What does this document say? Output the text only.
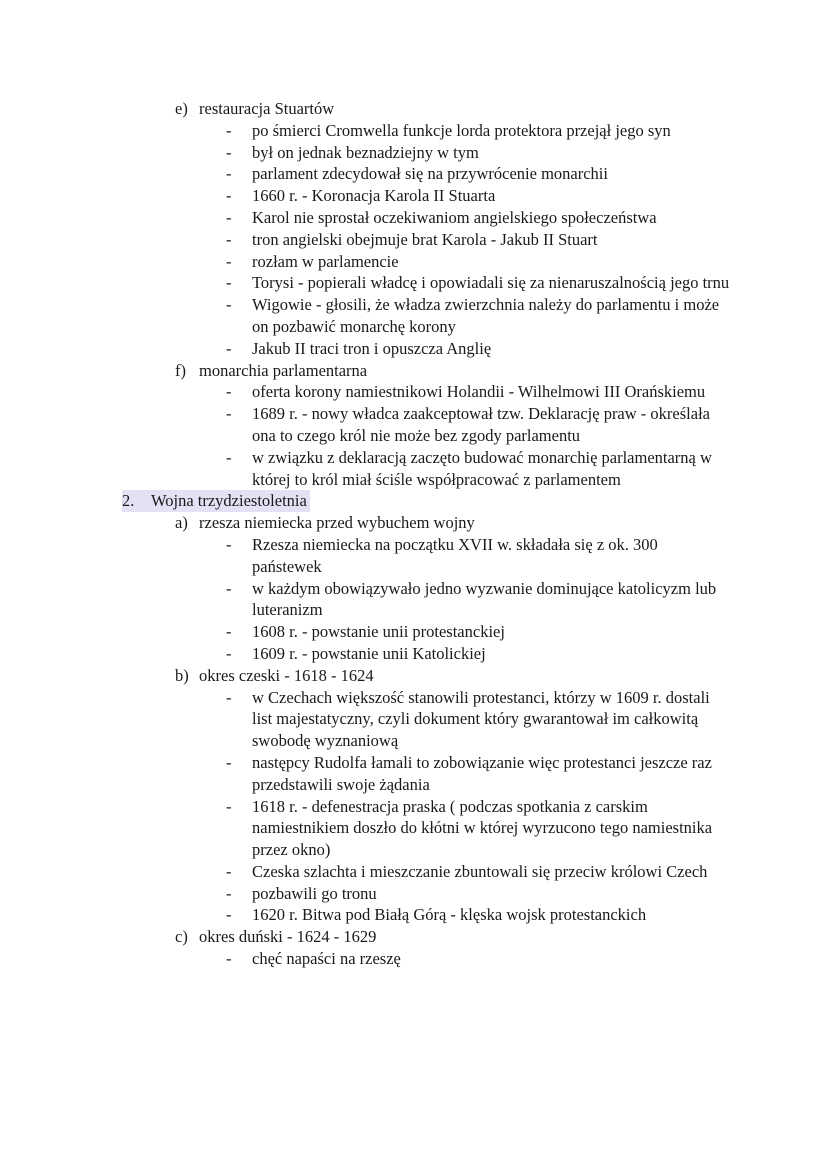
e) restauracja Stuartów
- po śmierci Cromwella funkcje lorda protektora przejął jego syn
- był on jednak beznadziejny w tym
- parlament zdecydował się na przywrócenie monarchii
- 1660 r. - Koronacja Karola II Stuarta
- Karol nie sprostał oczekiwaniom angielskiego społeczeństwa
- tron angielski obejmuje brat Karola - Jakub II Stuart
- rozłam w parlamencie
- Torysi - popierali władcę i opowiadali się za nienaruszalnością jego trnu
- Wigowie - głosili, że władza zwierzchnia należy do parlamentu i może on pozbawić monarchę korony
- Jakub II traci tron i opuszcza Anglię
f) monarchia parlamentarna
- oferta korony namiestnikowi Holandii - Wilhelmowi III Orańskiemu
- 1689 r. - nowy władca zaakceptował tzw. Deklarację praw - określała ona to czego król nie może bez zgody parlamentu
- w związku z deklaracją zaczęto budować monarchię parlamentarną w której to król miał ściśle współpracować z parlamentem
2. Wojna trzydziestoletnia
a) rzesza niemiecka przed wybuchem wojny
- Rzesza niemiecka na początku XVII w. składała się z ok. 300 państewek
- w każdym obowiązywało jedno wyzwanie dominujące katolicyzm lub luteranizm
- 1608 r. - powstanie unii protestanckiej
- 1609 r. - powstanie unii Katolickiej
b) okres czeski - 1618 - 1624
- w Czechach większość stanowili protestanci, którzy w 1609 r. dostali list majestatyczny, czyli dokument który gwarantował im całkowitą swobodę wyznaniową
- następcy Rudolfa łamali to zobowiązanie więc protestanci jeszcze raz przedstawili swoje żądania
- 1618 r. - defenestracja praska ( podczas spotkania z carskim namiestnikiem doszło do kłótni w której wyrzucono tego namiestnika przez okno)
- Czeska szlachta i mieszczanie zbuntowali się przeciw królowi Czech
- pozbawili go tronu
- 1620 r. Bitwa pod Białą Górą - klęska wojsk protestanckich
c) okres duński - 1624 - 1629
- chęć napaści na rzeszę
